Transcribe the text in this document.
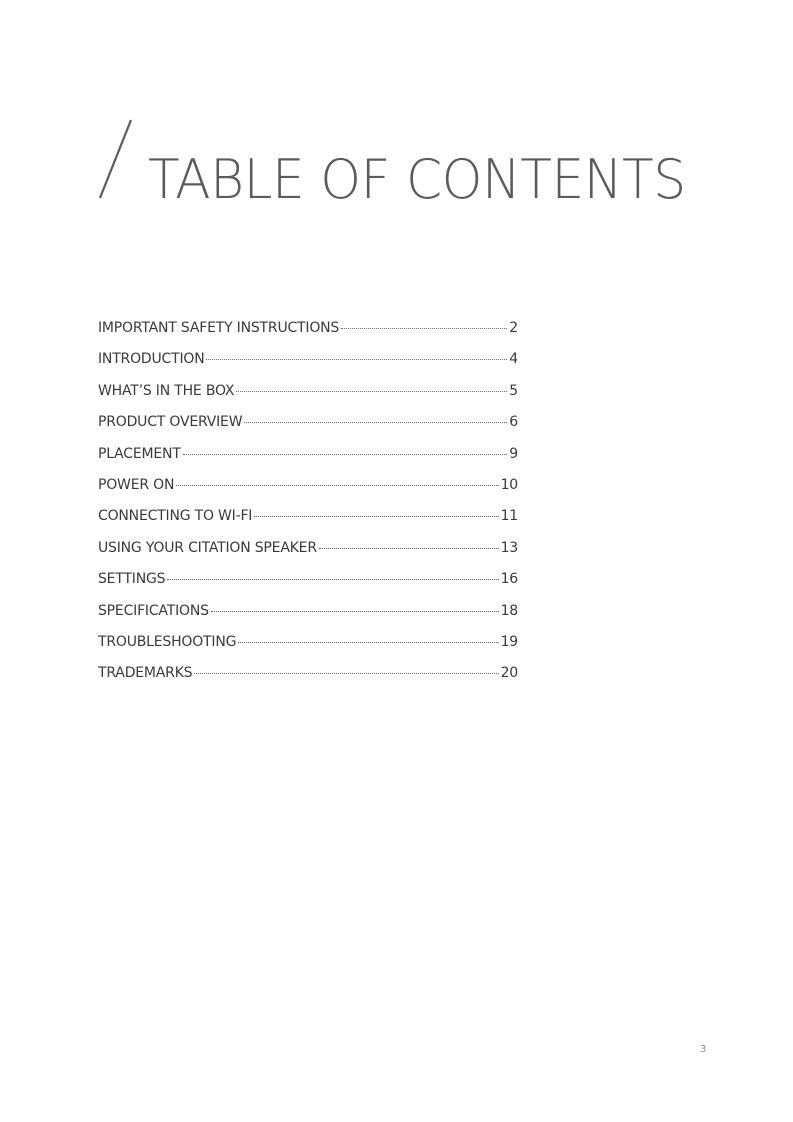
TABLE OF CONTENTS
IMPORTANT SAFETY INSTRUCTIONS	2
INTRODUCTION	4
WHAT’S IN THE BOX	5
PRODUCT OVERVIEW	6
PLACEMENT	9
POWER ON	10
CONNECTING TO WI-FI	11
USING YOUR CITATION SPEAKER	13
SETTINGS	16
SPECIFICATIONS	18
TROUBLESHOOTING	19
TRADEMARKS	20
3
